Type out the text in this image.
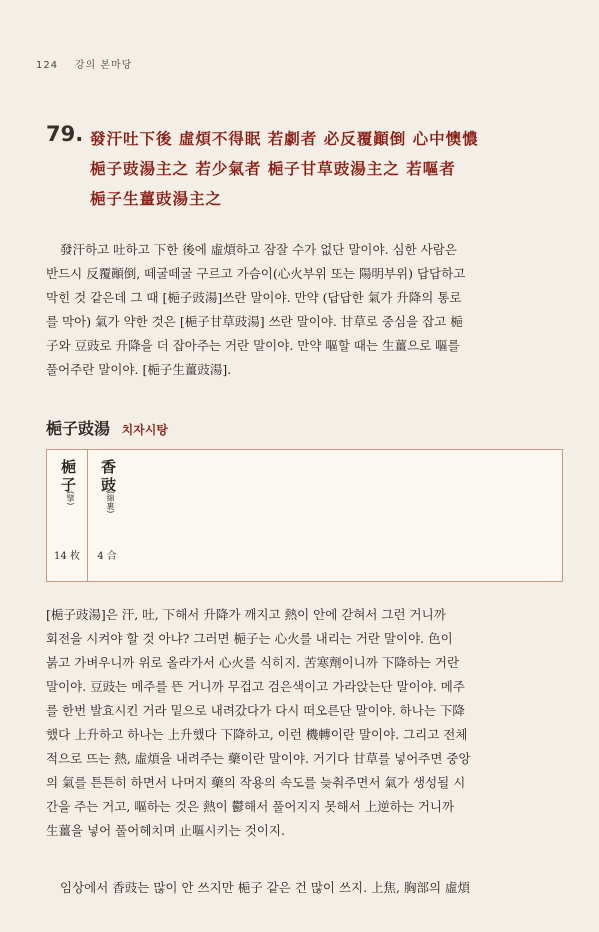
124 강의 본마당
79. 發汗吐下後 虛煩不得眠 若劇者 必反覆顚倒 心中懊憹
梔子豉湯主之 若少氣者 梔子甘草豉湯主之 若嘔者
梔子生薑豉湯主之
發汗하고 吐하고 下한 後에 虛煩하고 잠잘 수가 없단 말이야. 심한 사람은
반드시 反覆顚倒, 떼굴떼굴 구르고 가슴이(心火부위 또는 陽明부위) 답답하고
막힌 것 같은데 그 때 [梔子豉湯]쓰란 말이야. 만약 (답답한 氣가 升降의 통로
를 막아) 氣가 약한 것은 [梔子甘草豉湯] 쓰란 말이야. 甘草로 중심을 잡고 梔
子와 豆豉로 升降을 더 잡아주는 거란 말이야. 만약 嘔할 때는 生薑으로 嘔를
풀어주란 말이야. [梔子生薑豉湯].
梔子豉湯 치자시탕
梔子
(擘)
14 枚
香豉
(綿裹)
4 合
[梔子豉湯]은 汗, 吐, 下해서 升降가 깨지고 熱이 안에 갇혀서 그런 거니까
회전을 시켜야 할 것 아냐? 그러면 梔子는 心火를 내리는 거란 말이야. 色이
붉고 가벼우니까 위로 올라가서 心火를 식히지. 苦寒劑이니까 下降하는 거란
말이야. 豆豉는 메주를 뜬 거니까 무겁고 검은색이고 가라앉는단 말이야. 메주
를 한번 발효시킨 거라 밑으로 내려갔다가 다시 떠오른단 말이야. 하나는 下降
했다 上升하고 하나는 上升했다 下降하고, 이런 機轉이란 말이야. 그리고 전체
적으로 뜨는 熱, 虛煩을 내려주는 藥이란 말이야. 거기다 甘草를 넣어주면 중앙
의 氣를 튼튼히 하면서 나머지 藥의 작용의 속도를 늦춰주면서 氣가 생성될 시
간을 주는 거고, 嘔하는 것은 熱이 鬱해서 풀어지지 못해서 上逆하는 거니까
生薑을 넣어 풀어헤치며 止嘔시키는 것이지.
임상에서 香豉는 많이 안 쓰지만 梔子 같은 건 많이 쓰지. 上焦, 胸部의 虛煩
